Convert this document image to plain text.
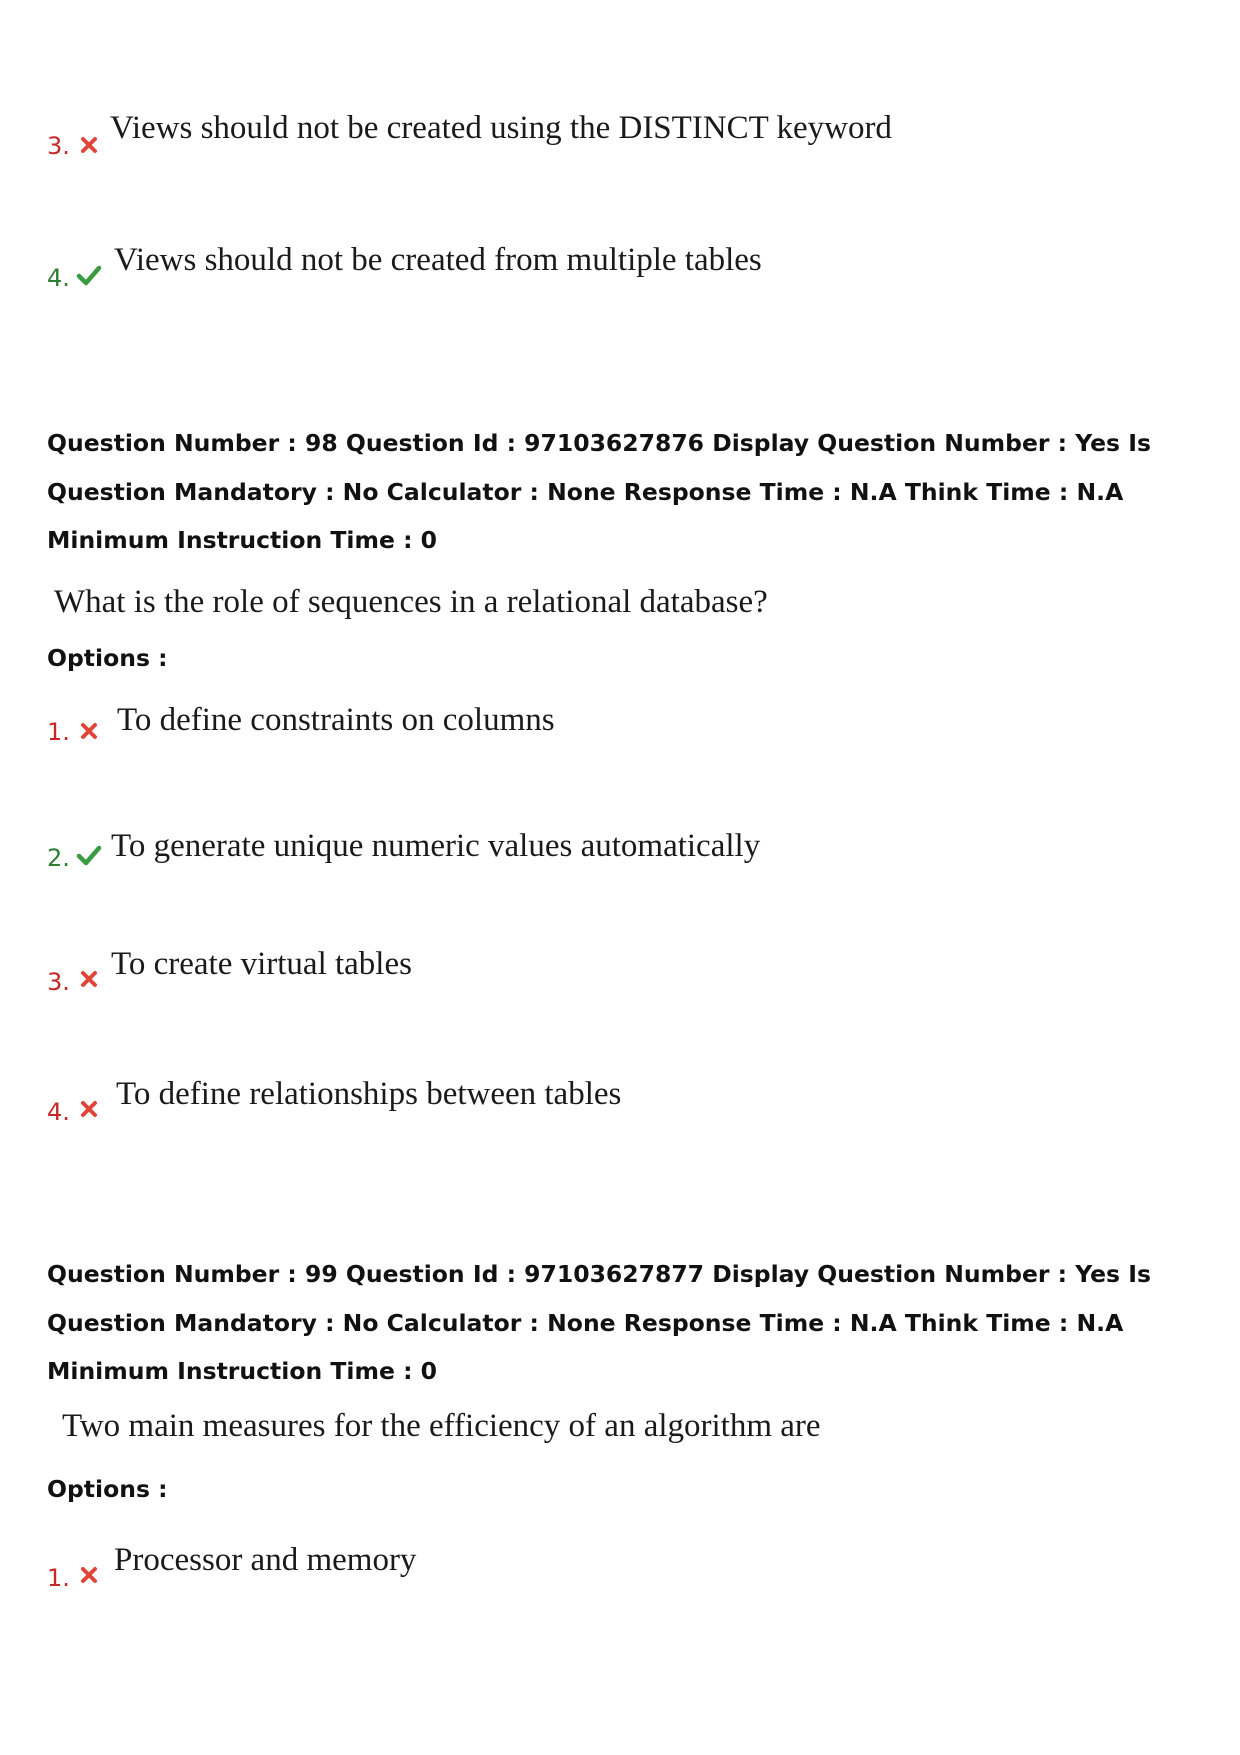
3. Views should not be created using the DISTINCT keyword
4. Views should not be created from multiple tables

Question Number : 98 Question Id : 97103627876 Display Question Number : Yes Is Question Mandatory : No Calculator : None Response Time : N.A Think Time : N.A Minimum Instruction Time : 0

What is the role of sequences in a relational database?
Options :
1. To define constraints on columns
2. To generate unique numeric values automatically
3. To create virtual tables
4. To define relationships between tables

Question Number : 99 Question Id : 97103627877 Display Question Number : Yes Is Question Mandatory : No Calculator : None Response Time : N.A Think Time : N.A Minimum Instruction Time : 0

Two main measures for the efficiency of an algorithm are
Options :
1. Processor and memory
